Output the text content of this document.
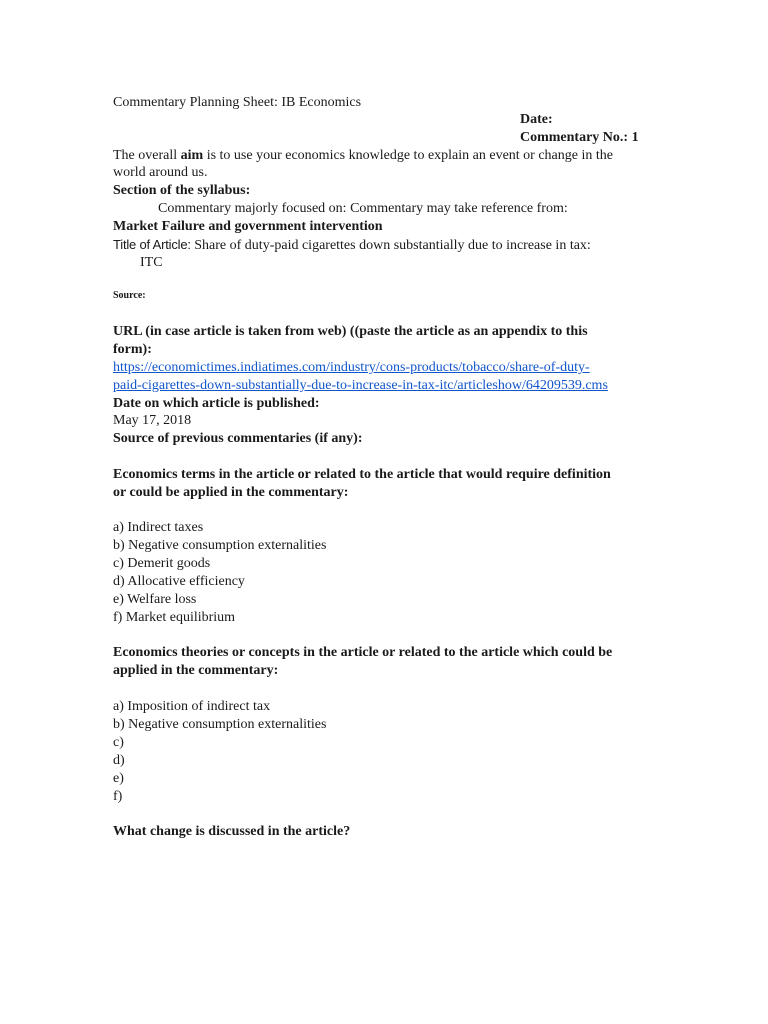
Commentary Planning Sheet: IB Economics
Date:
Commentary No.: 1
The overall aim is to use your economics knowledge to explain an event or change in the
world around us.
Section of the syllabus:
Commentary majorly focused on: Commentary may take reference from:
Market Failure and government intervention
Title of Article: Share of duty-paid cigarettes down substantially due to increase in tax:
ITC
Source:
URL (in case article is taken from web) ((paste the article as an appendix to this
form):
https://economictimes.indiatimes.com/industry/cons-products/tobacco/share-of-duty-
paid-cigarettes-down-substantially-due-to-increase-in-tax-itc/articleshow/64209539.cms
Date on which article is published:
May 17, 2018
Source of previous commentaries (if any):
Economics terms in the article or related to the article that would require definition
or could be applied in the commentary:
a) Indirect taxes
b) Negative consumption externalities
c) Demerit goods
d) Allocative efficiency
e) Welfare loss
f) Market equilibrium
Economics theories or concepts in the article or related to the article which could be
applied in the commentary:
a) Imposition of indirect tax
b) Negative consumption externalities
c)
d)
e)
f)
What change is discussed in the article?
